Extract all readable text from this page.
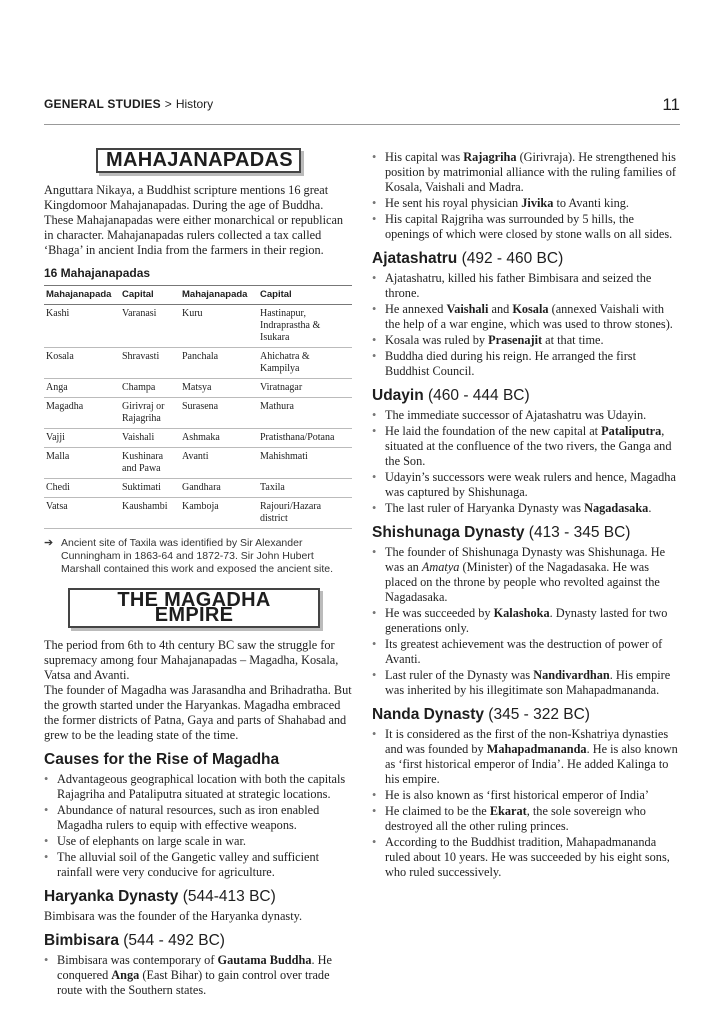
GENERAL STUDIES > History	11
MAHAJANAPADAS

Anguttara Nikaya, a Buddhist scripture mentions 16 great Kingdomoor Mahajanapadas. During the age of Buddha. These Mahajanapadas were either monarchical or republican in character. Mahajanapadas rulers collected a tax called ‘Bhaga’ in ancient India from the farmers in their region.

16 Mahajanapadas
Mahajanapada	Capital	Mahajanapada	Capital
Kashi	Varanasi	Kuru	Hastinapur, Indraprastha & Isukara
Kosala	Shravasti	Panchala	Ahichatra & Kampilya
Anga	Champa	Matsya	Viratnagar
Magadha	Girivraj or Rajagriha	Surasena	Mathura
Vajji	Vaishali	Ashmaka	Pratisthana/Potana
Malla	Kushinara and Pawa	Avanti	Mahishmati
Chedi	Suktimati	Gandhara	Taxila
Vatsa	Kaushambi	Kamboja	Rajouri/Hazara district

➔ Ancient site of Taxila was identified by Sir Alexander Cunningham in 1863-64 and 1872-73. Sir John Hubert Marshall contained this work and exposed the ancient site.

THE MAGADHA EMPIRE

The period from 6th to 4th century BC saw the struggle for supremacy among four Mahajanapadas – Magadha, Kosala, Vatsa and Avanti.

The founder of Magadha was Jarasandha and Brihadratha. But the growth started under the Haryankas. Magadha embraced the former districts of Patna, Gaya and parts of Shahabad and grew to be the leading state of the time.

Causes for the Rise of Magadha
• Advantageous geographical location with both the capitals Rajagriha and Pataliputra situated at strategic locations.
• Abundance of natural resources, such as iron enabled Magadha rulers to equip with effective weapons.
• Use of elephants on large scale in war.
• The alluvial soil of the Gangetic valley and sufficient rainfall were very conducive for agriculture.
Haryanka Dynasty (544-413 BC)

Bimbisara was the founder of the Haryanka dynasty.

Bimbisara (544 - 492 BC)
• Bimbisara was contemporary of Gautama Buddha. He conquered Anga (East Bihar) to gain control over trade route with the Southern states.
• His capital was Rajagriha (Girivraja). He strengthened his position by matrimonial alliance with the ruling families of Kosala, Vaishali and Madra.
• He sent his royal physician Jivika to Avanti king.
• His capital Rajgriha was surrounded by 5 hills, the openings of which were closed by stone walls on all sides.
Ajatashatru (492 - 460 BC)
• Ajatashatru, killed his father Bimbisara and seized the throne.
• He annexed Vaishali and Kosala (annexed Vaishali with the help of a war engine, which was used to throw stones).
• Kosala was ruled by Prasenajit at that time.
• Buddha died during his reign. He arranged the first Buddhist Council.
Udayin (460 - 444 BC)
• The immediate successor of Ajatashatru was Udayin.
• He laid the foundation of the new capital at Pataliputra, situated at the confluence of the two rivers, the Ganga and the Son.
• Udayin’s successors were weak rulers and hence, Magadha was captured by Shishunaga.
• The last ruler of Haryanka Dynasty was Nagadasaka.
Shishunaga Dynasty (413 - 345 BC)
• The founder of Shishunaga Dynasty was Shishunaga. He was an Amatya (Minister) of the Nagadasaka. He was placed on the throne by people who revolted against the Nagadasaka.
• He was succeeded by Kalashoka. Dynasty lasted for two generations only.
• Its greatest achievement was the destruction of power of Avanti.
• Last ruler of the Dynasty was Nandivardhan. His empire was inherited by his illegitimate son Mahapadmananda.
Nanda Dynasty (345 - 322 BC)
• It is considered as the first of the non-Kshatriya dynasties and was founded by Mahapadmananda. He is also known as ‘first historical emperor of India’. He added Kalinga to his empire.
• He is also known as ‘first historical emperor of India’
• He claimed to be the Ekarat, the sole sovereign who destroyed all the other ruling princes.
• According to the Buddhist tradition, Mahapadmananda ruled about 10 years. He was succeeded by his eight sons, who ruled successively.
